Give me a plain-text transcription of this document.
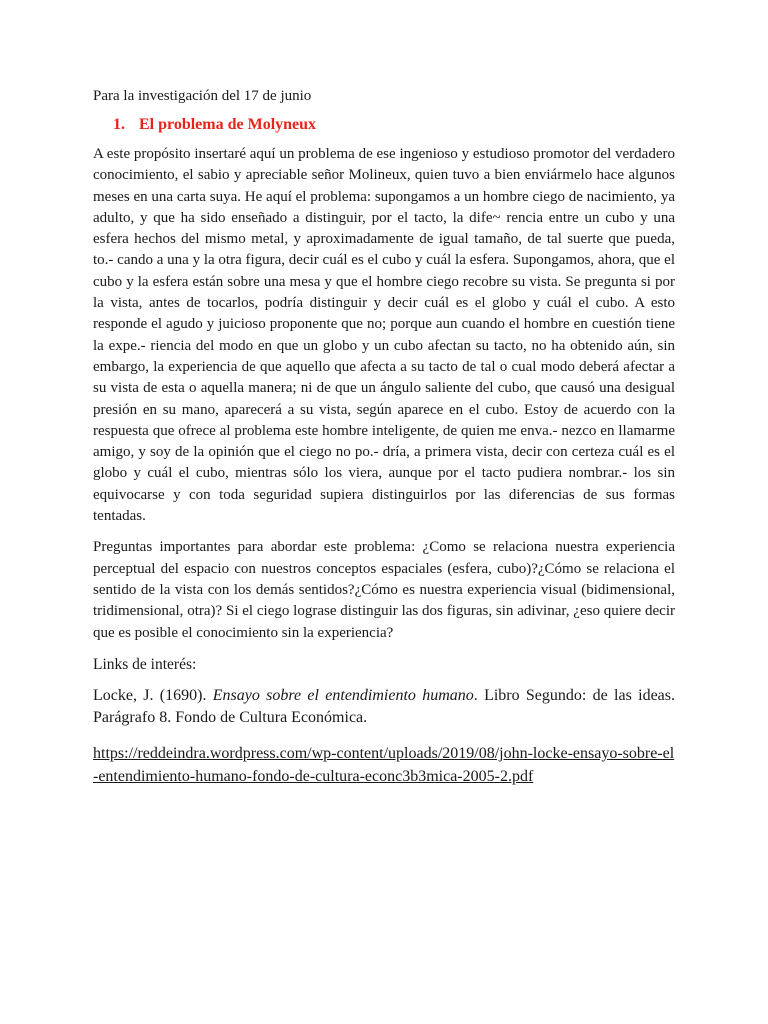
Para la investigación del 17 de junio

1. El problema de Molyneux

A este propósito insertaré aquí un problema de ese ingenioso y estudioso promotor del verdadero conocimiento, el sabio y apreciable señor Molineux, quien tuvo a bien enviármelo hace algunos meses en una carta suya. He aquí el problema: supongamos a un hombre ciego de nacimiento, ya adulto, y que ha sido enseñado a distinguir, por el tacto, la dife~ rencia entre un cubo y una esfera hechos del mismo metal, y aproximadamente de igual tamaño, de tal suerte que pueda, to.- cando a una y la otra figura, decir cuál es el cubo y cuál la esfera. Supongamos, ahora, que el cubo y la esfera están sobre una mesa y que el hombre ciego recobre su vista. Se pregunta si por la vista, antes de tocarlos, podría distinguir y decir cuál es el globo y cuál el cubo. A esto responde el agudo y juicioso proponente que no; porque aun cuando el hombre en cuestión tiene la expe.- riencia del modo en que un globo y un cubo afectan su tacto, no ha obtenido aún, sin embargo, la experiencia de que aquello que afecta a su tacto de tal o cual modo deberá afectar a su vista de esta o aquella manera; ni de que un ángulo saliente del cubo, que causó una desigual presión en su mano, aparecerá a su vista, según aparece en el cubo. Estoy de acuerdo con la respuesta que ofrece al problema este hombre inteligente, de quien me enva.- nezco en llamarme amigo, y soy de la opinión que el ciego no po.- dría, a primera vista, decir con certeza cuál es el globo y cuál el cubo, mientras sólo los viera, aunque por el tacto pudiera nombrar.- los sin equivocarse y con toda seguridad supiera distinguirlos por las diferencias de sus formas tentadas.

Preguntas importantes para abordar este problema: ¿Como se relaciona nuestra experiencia perceptual del espacio con nuestros conceptos espaciales (esfera, cubo)?¿Cómo se relaciona el sentido de la vista con los demás sentidos?¿Cómo es nuestra experiencia visual (bidimensional, tridimensional, otra)? Si el ciego lograse distinguir las dos figuras, sin adivinar, ¿eso quiere decir que es posible el conocimiento sin la experiencia?

Links de interés:

Locke, J. (1690). Ensayo sobre el entendimiento humano. Libro Segundo: de las ideas. Parágrafo 8. Fondo de Cultura Económica.

https://reddeindra.wordpress.com/wp-content/uploads/2019/08/john-locke-ensayo-sobre-el-entendimiento-humano-fondo-de-cultura-econc3b3mica-2005-2.pdf
